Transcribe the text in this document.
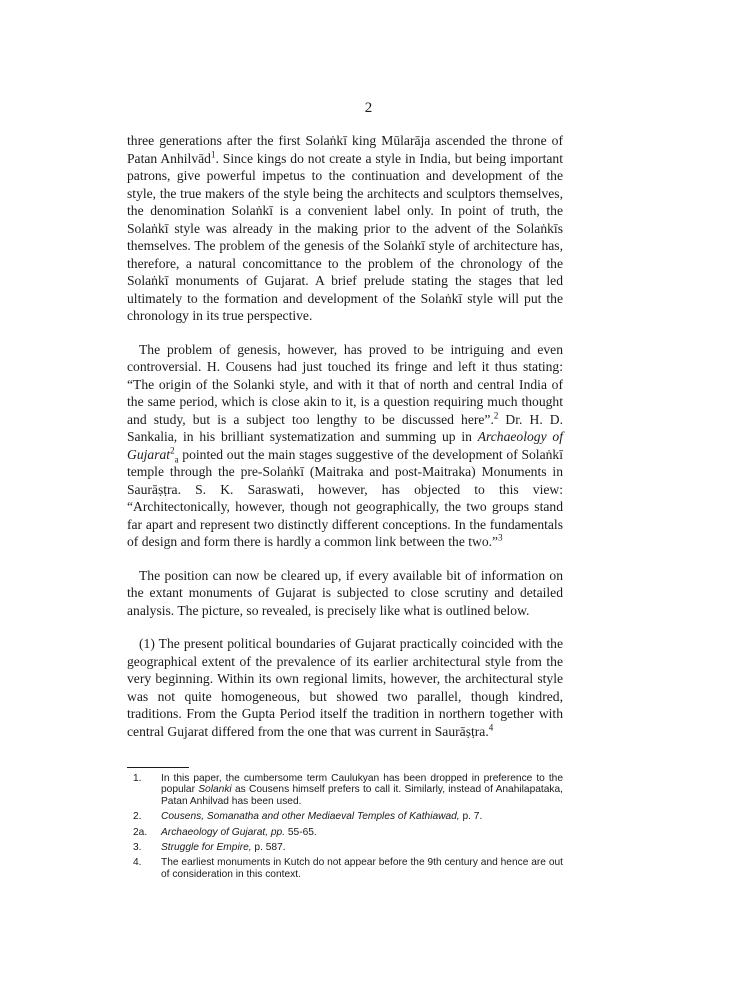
2

three generations after the first Solaṅkī king Mūlarāja ascended the throne of Patan Anhilvād$^1$. Since kings do not create a style in India, but being important patrons, give powerful impetus to the continuation and development of the style, the true makers of the style being the architects and sculptors themselves, the denomination Solaṅkī is a convenient label only. In point of truth, the Solaṅkī style was already in the making prior to the advent of the Solaṅkīs themselves. The problem of the genesis of the Solaṅkī style of architecture has, therefore, a natural concomittance to the problem of the chronology of the Solaṅkī monuments of Gujarat. A brief prelude stating the stages that led ultimately to the formation and development of the Solaṅkī style will put the chronology in its true perspective.

The problem of genesis, however, has proved to be intriguing and even controversial. H. Cousens had just touched its fringe and left it thus stating: “The origin of the Solanki style, and with it that of north and central India of the same period, which is close akin to it, is a question requiring much thought and study, but is a subject too lengthy to be discussed here”.$^2$ Dr. H. D. Sankalia, in his brilliant systematization and summing up in Archaeology of Gujarat$^2_a$ pointed out the main stages suggestive of the development of Solaṅkī temple through the pre-Solaṅkī (Maitraka and post-Maitraka) Monuments in Saurāṣṭra. S. K. Saraswati, however, has objected to this view: “Architectonically, however, though not geographically, the two groups stand far apart and represent two distinctly different conceptions. In the fundamentals of design and form there is hardly a common link between the two.”$^3$

The position can now be cleared up, if every available bit of information on the extant monuments of Gujarat is subjected to close scrutiny and detailed analysis. The picture, so revealed, is precisely like what is outlined below.

(1) The present political boundaries of Gujarat practically coincided with the geographical extent of the prevalence of its earlier architectural style from the very beginning. Within its own regional limits, however, the architectural style was not quite homogeneous, but showed two parallel, though kindred, traditions. From the Gupta Period itself the tradition in northern together with central Gujarat differed from the one that was current in Saurāṣṭra.$^4$

1.	In this paper, the cumbersome term Caulukyan has been dropped in preference to the popular Solanki as Cousens himself prefers to call it. Similarly, instead of Anahilapataka, Patan Anhilvad has been used.
2.	Cousens, Somanatha and other Mediaeval Temples of Kathiawad, p. 7.
2a.	Archaeology of Gujarat, pp. 55-65.
3.	Struggle for Empire, p. 587.
4.	The earliest monuments in Kutch do not appear before the 9th century and hence are out of consideration in this context.
